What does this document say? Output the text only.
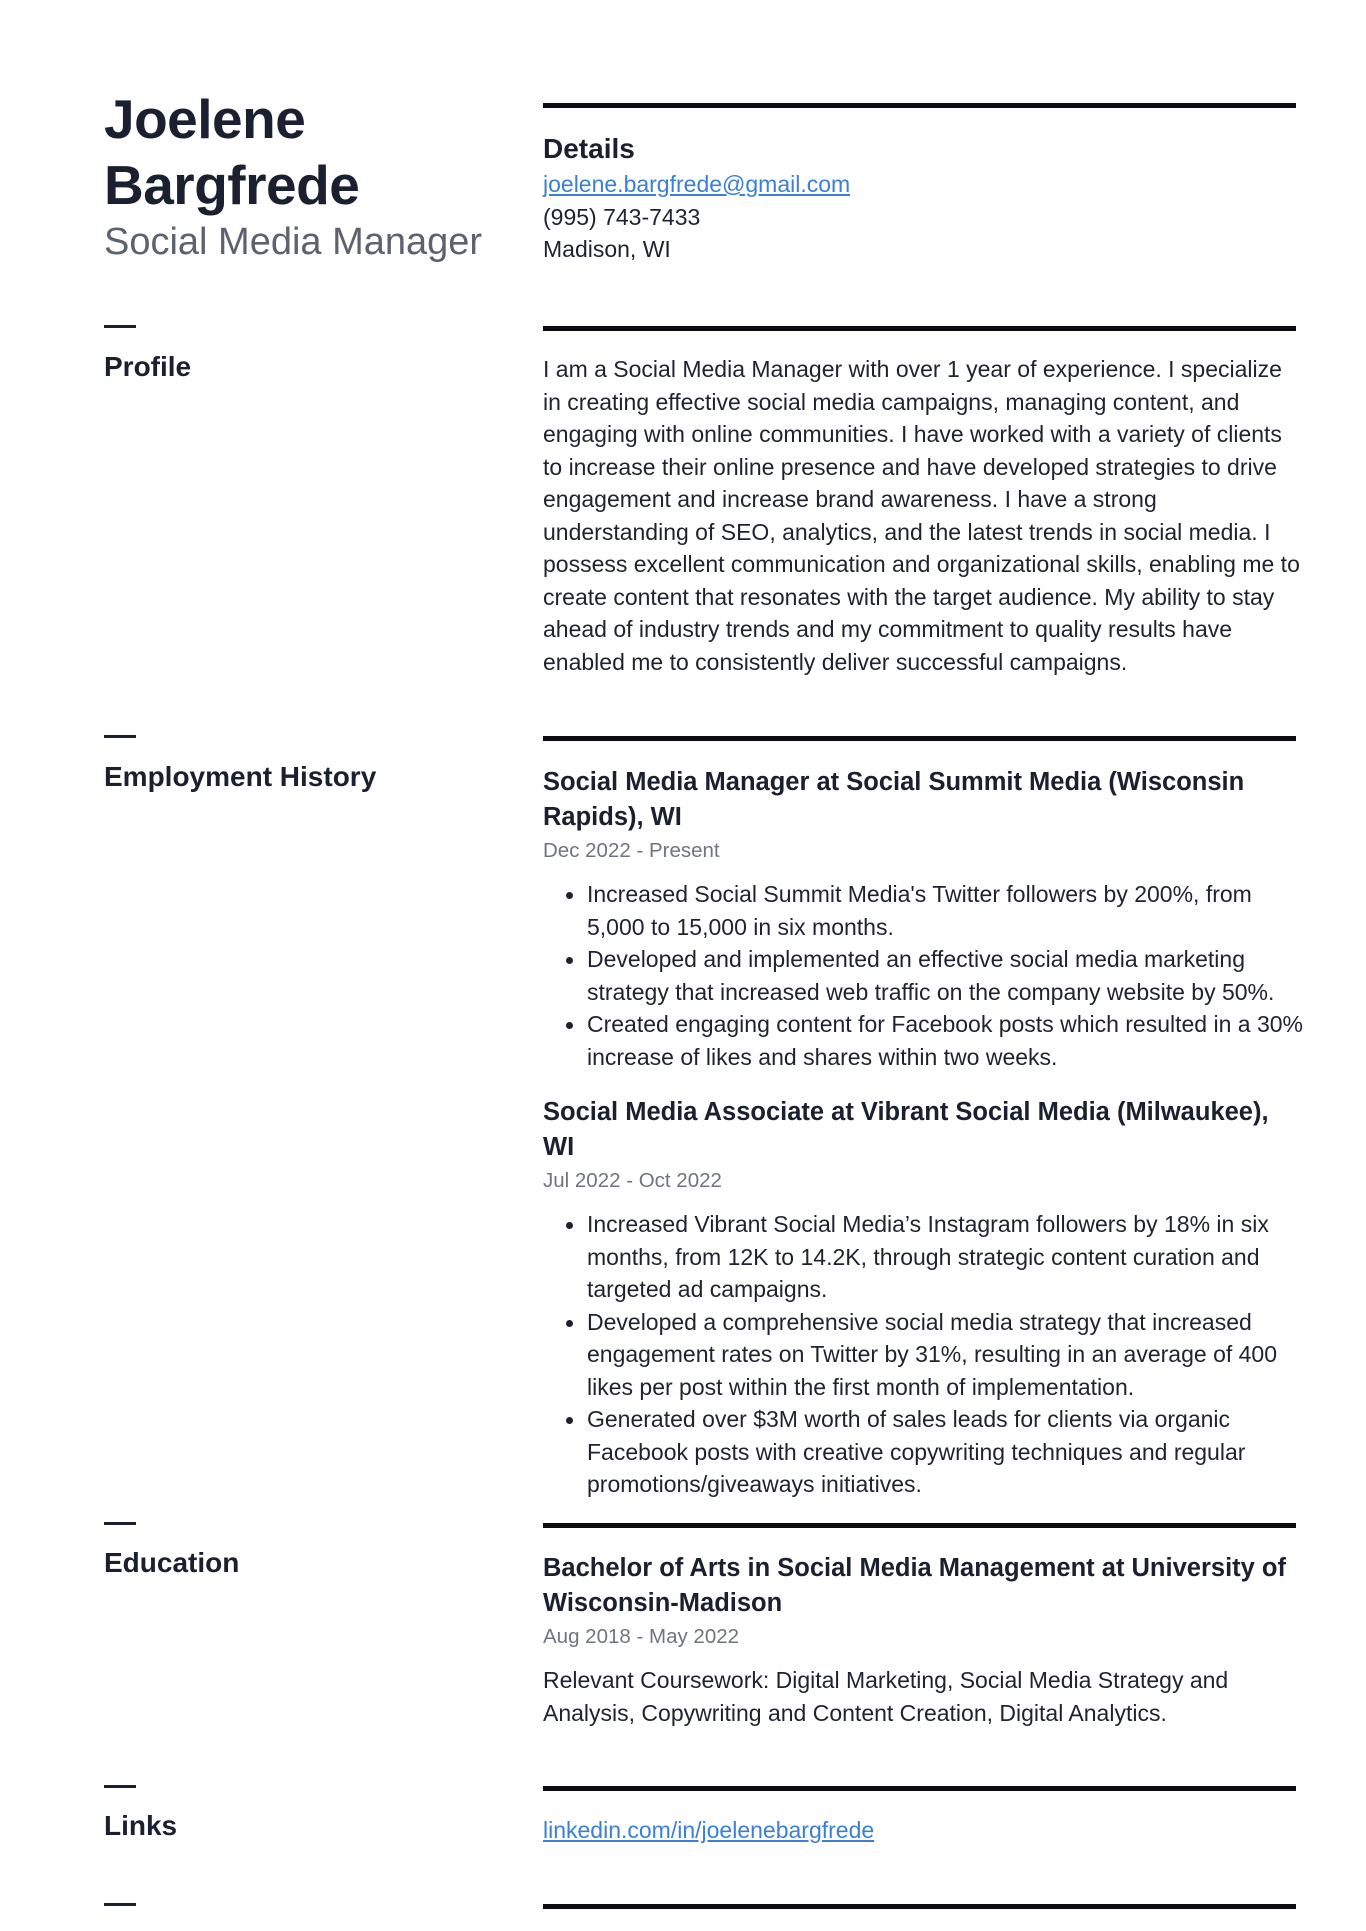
Joelene
Bargfrede
Social Media Manager
Details
joelene.bargfrede@gmail.com
(995) 743-7433
Madison, WI
Profile	I am a Social Media Manager with over 1 year of experience. I specialize in creating effective social media campaigns, managing content, and engaging with online communities. I have worked with a variety of clients to increase their online presence and have developed strategies to drive engagement and increase brand awareness. I have a strong understanding of SEO, analytics, and the latest trends in social media. I possess excellent communication and organizational skills, enabling me to create content that resonates with the target audience. My ability to stay ahead of industry trends and my commitment to quality results have enabled me to consistently deliver successful campaigns.
Employment History	Social Media Manager at Social Summit Media (Wisconsin Rapids), WI
Dec 2022 - Present
Increased Social Summit Media's Twitter followers by 200%, from 5,000 to 15,000 in six months.
Developed and implemented an effective social media marketing strategy that increased web traffic on the company website by 50%.
Created engaging content for Facebook posts which resulted in a 30% increase of likes and shares within two weeks.
Social Media Associate at Vibrant Social Media (Milwaukee), WI
Jul 2022 - Oct 2022
Increased Vibrant Social Media’s Instagram followers by 18% in six months, from 12K to 14.2K, through strategic content curation and targeted ad campaigns.
Developed a comprehensive social media strategy that increased engagement rates on Twitter by 31%, resulting in an average of 400 likes per post within the first month of implementation.
Generated over $3M worth of sales leads for clients via organic Facebook posts with creative copywriting techniques and regular promotions/giveaways initiatives.
Education	Bachelor of Arts in Social Media Management at University of Wisconsin-Madison
Aug 2018 - May 2022
Relevant Coursework: Digital Marketing, Social Media Strategy and Analysis, Copywriting and Content Creation, Digital Analytics.
Links	linkedin.com/in/joelenebargfrede
